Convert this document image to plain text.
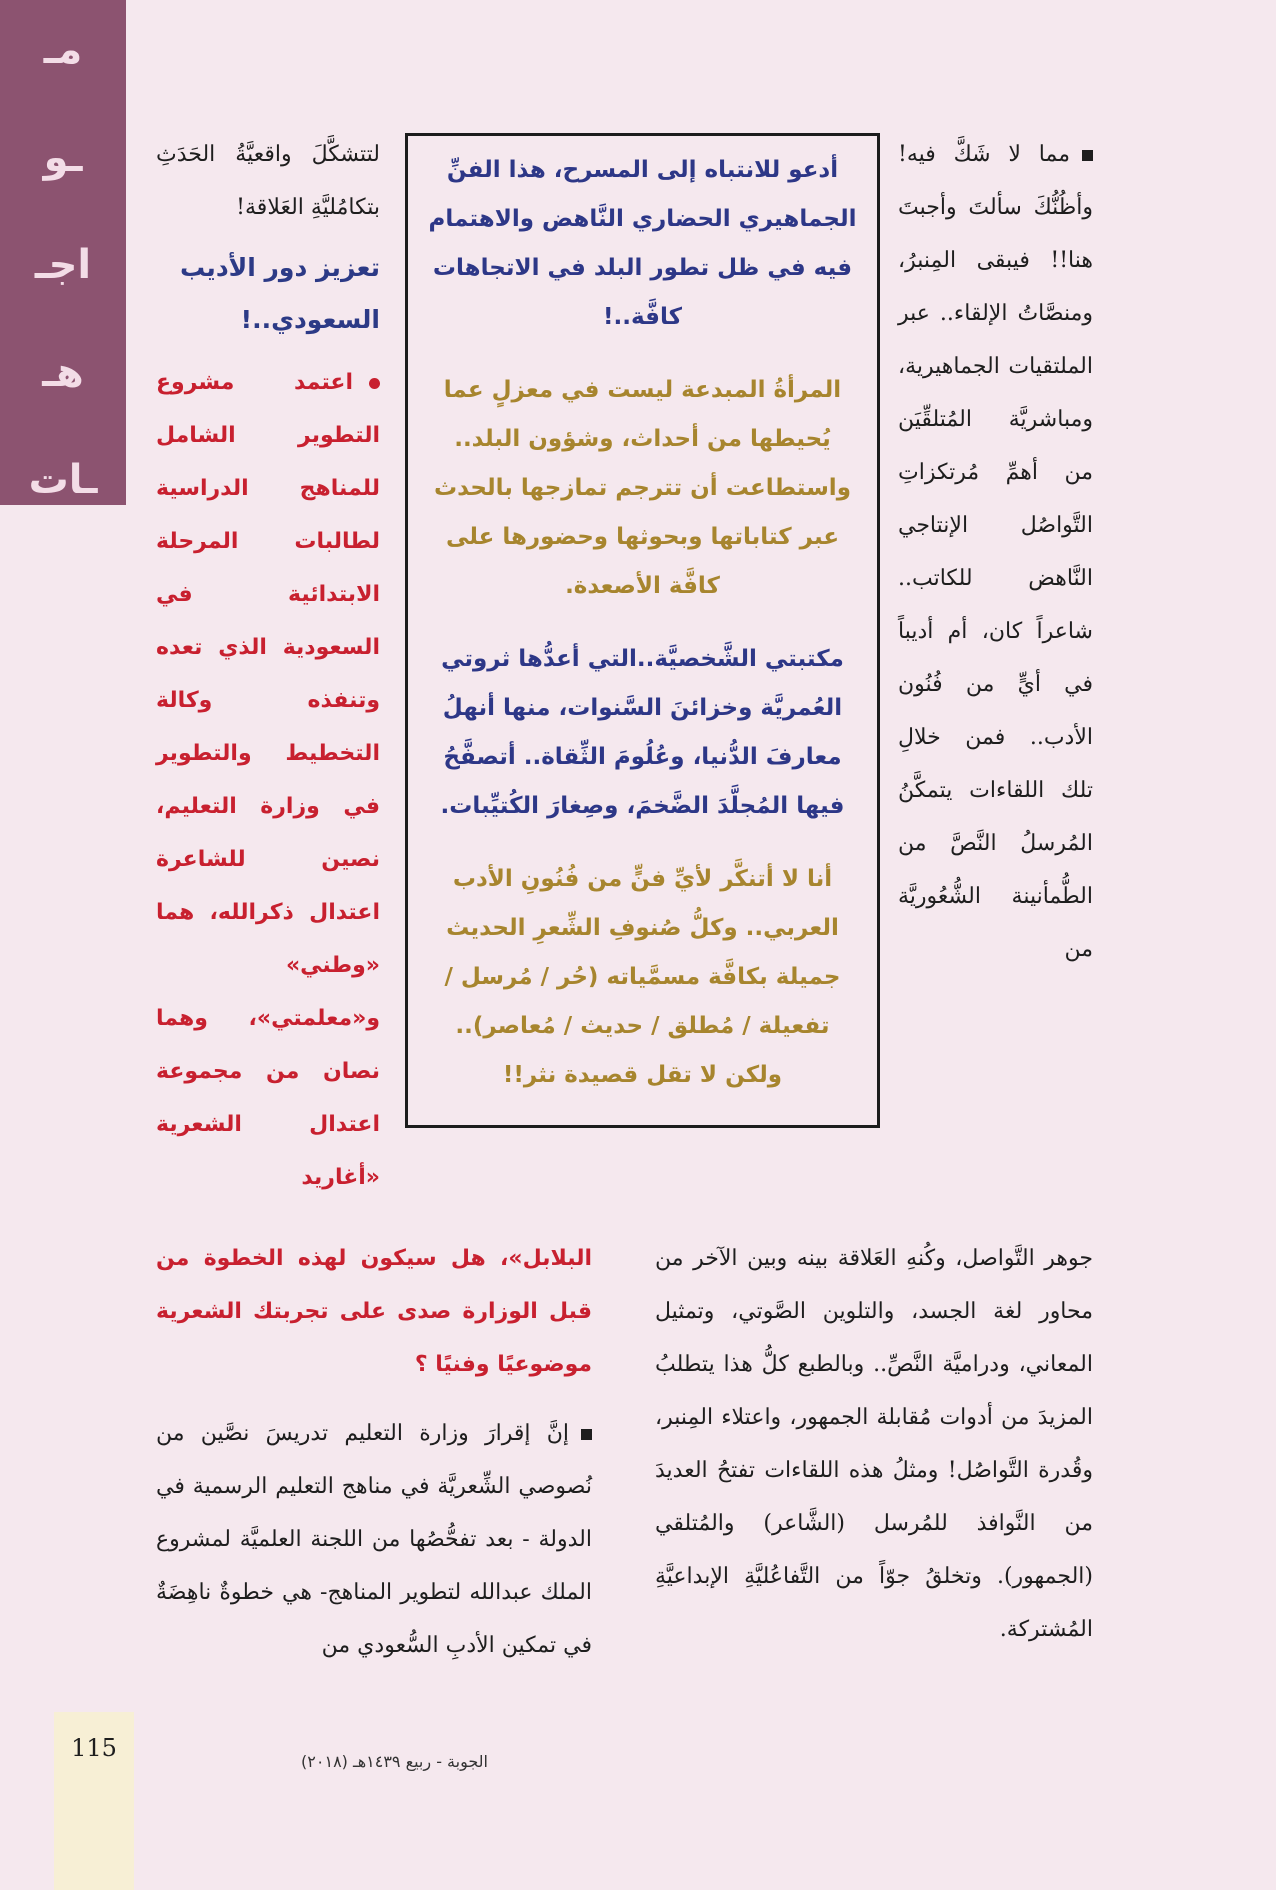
مـ
ـو
اجـ
هـ
ـات

مما لا شَكَّ فيه! وأظُنُّكَ سألتَ وأجبتَ هنا!! فيبقى المِنبرُ، ومنصَّاتُ الإلقاء.. عبر الملتقيات الجماهيرية، ومباشريَّة المُتلقِّيَن من أهمِّ مُرتكزاتِ التَّواصُل الإنتاجي النَّاهض للكاتب.. شاعراً كان، أم أديباً في أيٍّ من فُنُون الأدب.. فمن خلالِ تلك اللقاءات يتمكَّنُ المُرسلُ النَّصَّ من الطُّمأنينة الشُّعُوريَّة من

أدعو للانتباه إلى المسرح، هذا الفنِّ الجماهيري الحضاري النَّاهض والاهتمام فيه في ظل تطور البلد في الاتجاهات كافَّة..!

المرأةُ المبدعة ليست في معزلٍ عما يُحيطها من أحداث، وشؤون البلد.. واستطاعت أن تترجم تمازجها بالحدث عبر كتاباتها وبحوثها وحضورها على كافَّة الأصعدة.

مكتبتي الشَّخصيَّة..التي أعدُّها ثروتي العُمريَّة وخزائنَ السَّنوات، منها أنهلُ معارفَ الدُّنيا، وعُلُومَ الثِّقاة.. أتصفَّحُ فيها المُجلَّدَ الضَّخمَ، وصِغارَ الكُتيِّبات.

أنا لا أتنكَّر لأيِّ فنٍّ من فُنُونِ الأدب العربي.. وكلُّ صُنوفِ الشِّعرِ الحديث جميلة بكافَّة مسمَّياته (حُر / مُرسل / تفعيلة / مُطلق / حديث / مُعاصر).. ولكن لا تقل قصيدة نثر!!

لتتشكَّلَ واقعيَّةُ الحَدَثِ بتكامُليَّةِ العَلاقة!

تعزيز دور الأديب السعودي..!

اعتمد مشروع التطوير الشامل للمناهج الدراسية لطالبات المرحلة الابتدائية في السعودية الذي تعده وتنفذه وكالة التخطيط والتطوير في وزارة التعليم، نصين للشاعرة اعتدال ذكرالله، هما «وطني» و«معلمتي»، وهما نصان من مجموعة اعتدال الشعرية «أغاريد

البلابل»، هل سيكون لهذه الخطوة من قبل الوزارة صدى على تجربتك الشعرية موضوعيًا وفنيًا ؟

جوهر التَّواصل، وكُنهِ العَلاقة بينه وبين الآخر من محاور لغة الجسد، والتلوين الصَّوتي، وتمثيل المعاني، ودراميَّة النَّصِّ.. وبالطبع كلُّ هذا يتطلبُ المزيدَ من أدوات مُقابلة الجمهور، واعتلاء المِنبر، وقُدرة التَّواصُل! ومثلُ هذه اللقاءات تفتحُ العديدَ من النَّوافذ للمُرسل (الشَّاعر) والمُتلقي (الجمهور). وتخلقُ جوّاً من التَّفاعُليَّةِ الإبداعيَّةِ المُشتركة.

إنَّ إقرارَ وزارة التعليم تدريسَ نصَّين من نُصوصي الشِّعريَّة في مناهج التعليم الرسمية في الدولة - بعد تفحُّصُها من اللجنة العلميَّة لمشروع الملك عبدالله لتطوير المناهج- هي خطوةٌ ناهِضَةٌ في تمكين الأدبِ السُّعودي من

115	الجوبة - ربيع ١٤٣٩هـ (٢٠١٨)
